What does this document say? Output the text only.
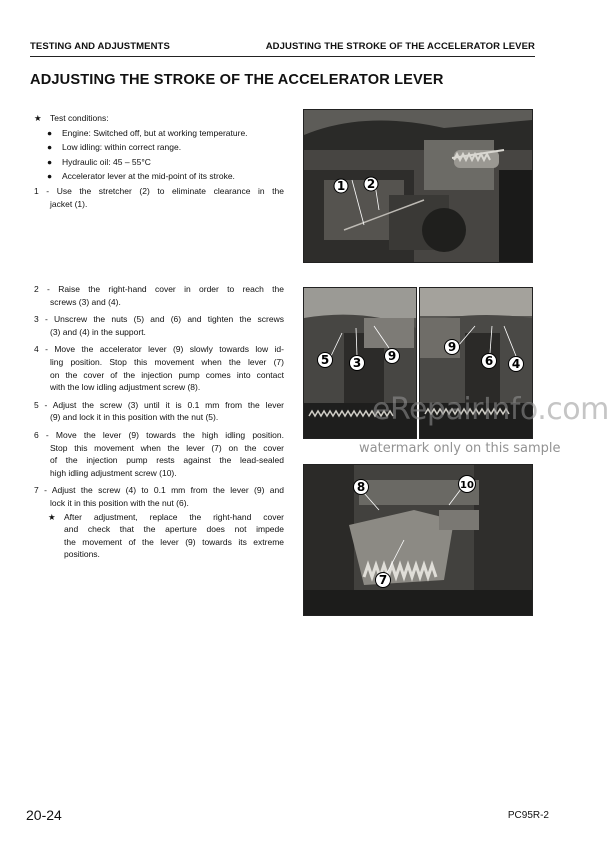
TESTING AND ADJUSTMENTS	ADJUSTING THE STROKE OF THE ACCELERATOR LEVER
ADJUSTING THE STROKE OF THE ACCELERATOR LEVER

★ Test conditions:

● Engine: Switched off, but at working temperature.

● Low idling: within correct range.

● Hydraulic oil: 45 – 55°C

● Accelerator lever at the mid-point of its stroke.

1 - Use the stretcher (2) to eliminate clearance in the
jacket (1).

2 - Raise the right-hand cover in order to reach the
screws (3) and (4).

3 - Unscrew the nuts (5) and (6) and tighten the screws
(3) and (4) in the support.

4 - Move the accelerator lever (9) slowly towards low id-
ling position. Stop this movement when the lever (7)
on the cover of the injection pump comes into contact
with the low idling adjustment screw (8).

5 - Adjust the screw (3) until it is 0.1 mm from the lever
(9) and lock it in this position with the nut (5).

6 - Move the lever (9) towards the high idling position.
Stop this movement when the lever (7) on the cover
of the injection pump rests against the lead-sealed
high idling adjustment screw (10).

7 - Adjust the screw (4) to 0.1 mm from the lever (9) and
lock it in this position with the nut (6).

★ After adjustment, replace the right-hand cover
and check that the aperture does not impede
the movement of the lever (9) towards its extreme
positions.

1 2
5 3 9
9
6 4
8	10
7
eRepairInfo.com
watermark only on this sample
20-24	PC95R-2
